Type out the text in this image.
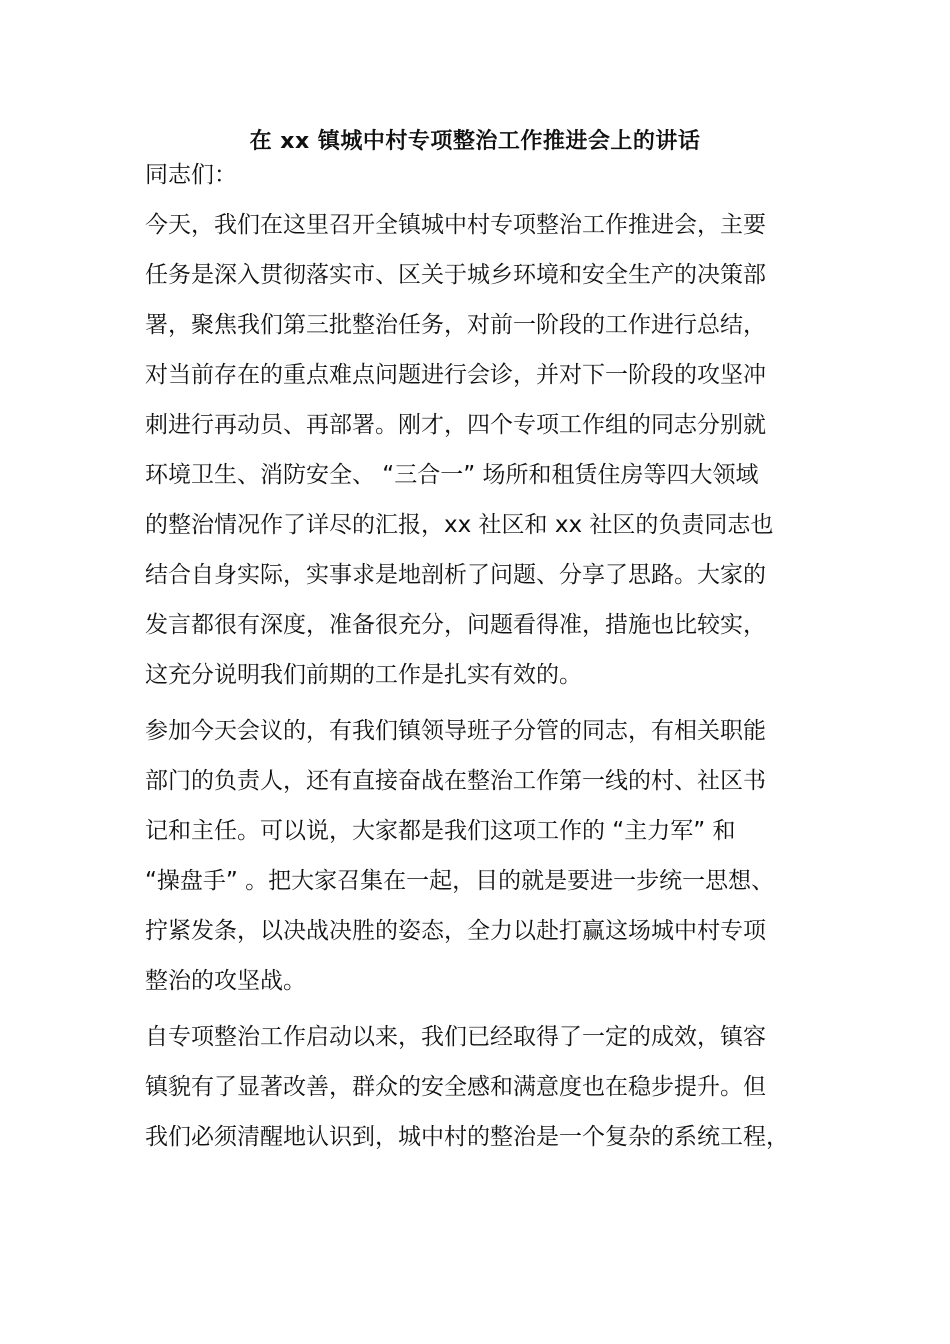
在 xx 镇城中村专项整治工作推进会上的讲话
同志们：
今天，我们在这里召开全镇城中村专项整治工作推进会，主要
任务是深入贯彻落实市、区关于城乡环境和安全生产的决策部
署，聚焦我们第三批整治任务，对前一阶段的工作进行总结，
对当前存在的重点难点问题进行会诊，并对下一阶段的攻坚冲
刺进行再动员、再部署。刚才，四个专项工作组的同志分别就
环境卫生、消防安全、 “三合一” 场所和租赁住房等四大领域
的整治情况作了详尽的汇报，xx 社区和 xx 社区的负责同志也
结合自身实际，实事求是地剖析了问题、分享了思路。大家的
发言都很有深度，准备很充分，问题看得准，措施也比较实，
这充分说明我们前期的工作是扎实有效的。
参加今天会议的，有我们镇领导班子分管的同志，有相关职能
部门的负责人，还有直接奋战在整治工作第一线的村、社区书
记和主任。可以说，大家都是我们这项工作的 “主力军” 和
“操盘手” 。把大家召集在一起，目的就是要进一步统一思想、
拧紧发条，以决战决胜的姿态，全力以赴打赢这场城中村专项
整治的攻坚战。
自专项整治工作启动以来，我们已经取得了一定的成效，镇容
镇貌有了显著改善，群众的安全感和满意度也在稳步提升。但
我们必须清醒地认识到，城中村的整治是一个复杂的系统工程，
